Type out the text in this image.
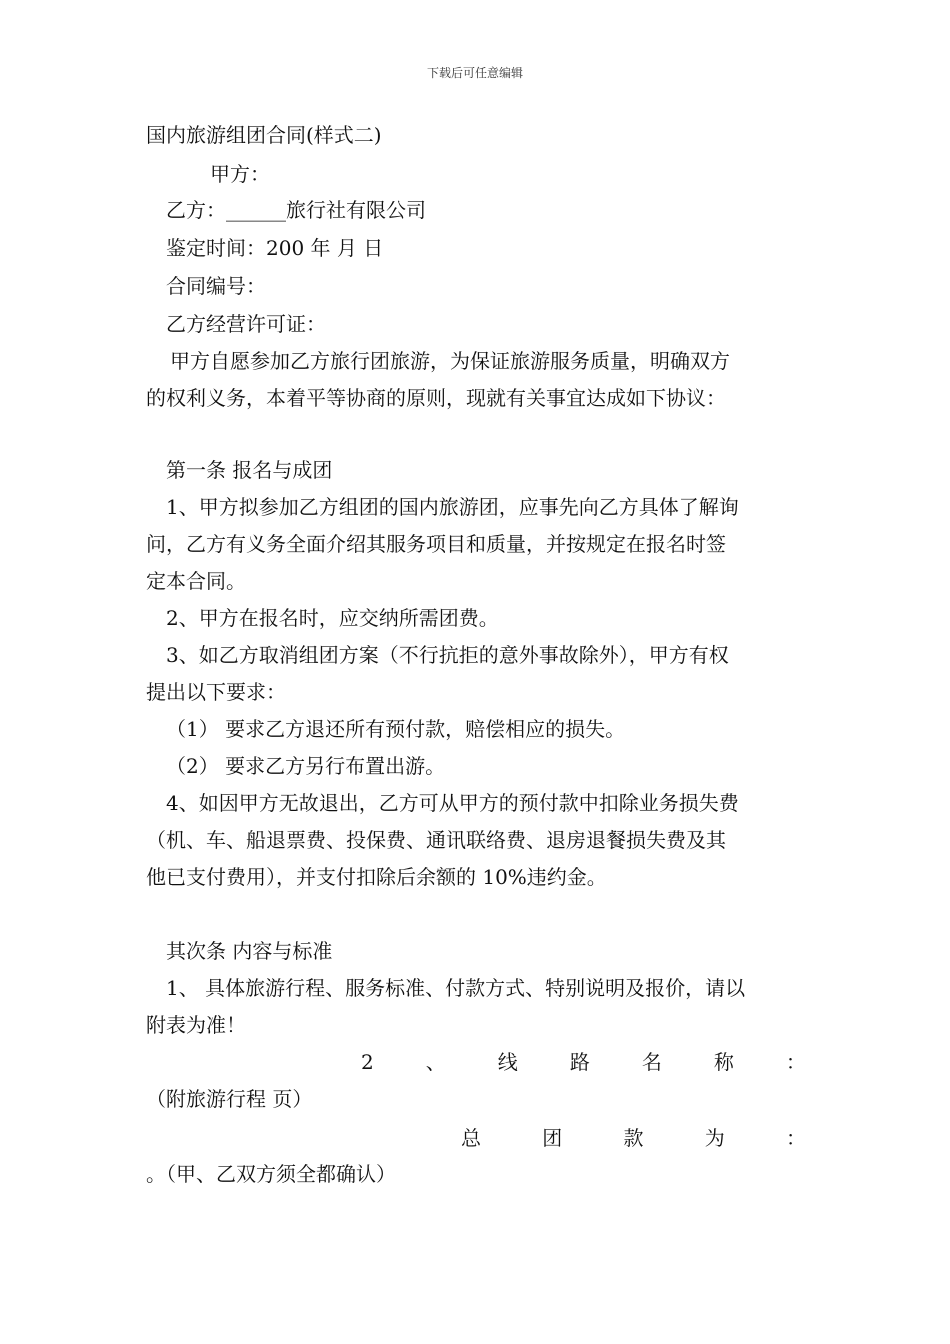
下载后可任意编辑
国内旅游组团合同(样式二)
甲方：
乙方：______旅行社有限公司
鉴定时间：200 年 月 日
合同编号：
乙方经营许可证：
甲方自愿参加乙方旅行团旅游，为保证旅游服务质量，明确双方
的权利义务，本着平等协商的原则，现就有关事宜达成如下协议：
第一条 报名与成团
1、甲方拟参加乙方组团的国内旅游团，应事先向乙方具体了解询
问，乙方有义务全面介绍其服务项目和质量，并按规定在报名时签
定本合同。
2、甲方在报名时，应交纳所需团费。
3、如乙方取消组团方案（不行抗拒的意外事故除外），甲方有权
提出以下要求：
（1） 要求乙方退还所有预付款，赔偿相应的损失。
（2） 要求乙方另行布置出游。
4、如因甲方无故退出，乙方可从甲方的预付款中扣除业务损失费
（机、车、船退票费、投保费、通讯联络费、退房退餐损失费及其
他已支付费用），并支付扣除后余额的 10%违约金。
其次条 内容与标准
1、 具体旅游行程、服务标准、付款方式、特别说明及报价，请以
附表为准！
2	、	线	路	名	称	：
（附旅游行程 页）
总	团	款	为	：
。（甲、乙双方须全都确认）
